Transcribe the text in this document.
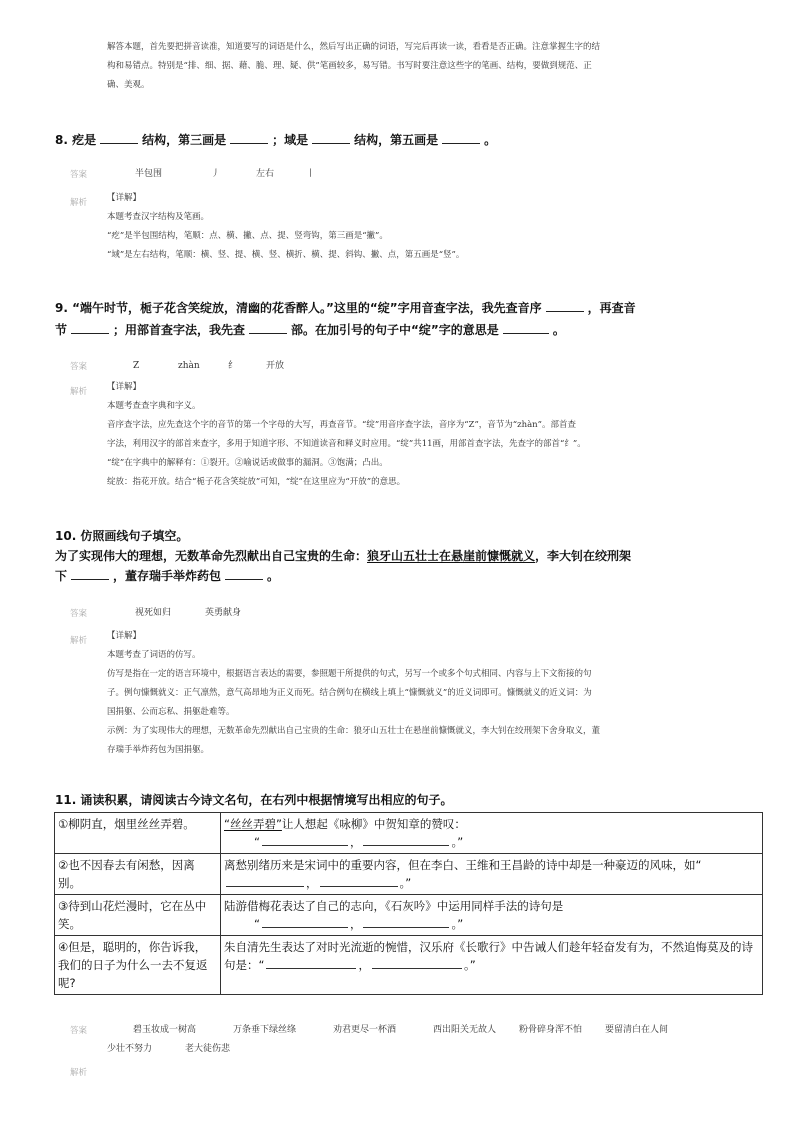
解答本题，首先要把拼音读准，知道要写的词语是什么，然后写出正确的词语，写完后再读一读，看看是否正确。注意掌握生字的结

构和易错点。特别是“排、细、据、藉、脆、理、疑、供”笔画较多，易写错。书写时要注意这些字的笔画、结构，要做到规范、正

确、美观。

8. 疙是	结构，第三画是	；域是	结构，第五画是	。
答案	半包围	丿	左右	丨
解析 【详解】

本题考查汉字结构及笔画。

“疙”是半包围结构，笔顺：点、横、撇、点、提、竖弯钩，第三画是“撇”。

“域”是左右结构，笔顺：横、竖、提、横、竖、横折、横、提、斜钩、撇、点，第五画是“竖”。

9. “端午时节，栀子花含笑绽放，清幽的花香醉人。”这里的“绽”字用音查字法，我先查音序	，再查音

节	；用部首查字法，我先查	部。在加引号的句子中“绽”字的意思是	。

答案	Z	zhàn	纟	开放
解析 【详解】

本题考查查字典和字义。

音序查字法，应先查这个字的音节的第一个字母的大写，再查音节。“绽”用音序查字法，音序为“Z”，音节为“zhàn”。部首查

字法，利用汉字的部首来查字，多用于知道字形、不知道读音和释义时应用。“绽”共11画，用部首查字法，先查字的部首“纟”。

“绽”在字典中的解释有：①裂开。②喻说话或做事的漏洞。③饱满；凸出。

绽放：指花开放。结合“栀子花含笑绽放”可知，“绽”在这里应为“开放”的意思。

10. 仿照画线句子填空。

为了实现伟大的理想，无数革命先烈献出自己宝贵的生命：狼牙山五壮士在悬崖前慷慨就义，李大钊在绞刑架

下	，董存瑞手举炸药包	。

答案	视死如归	英勇献身
解析 【详解】

本题考查了词语的仿写。

仿写是指在一定的语言环境中，根据语言表达的需要，参照题干所提供的句式，另写一个或多个句式相同、内容与上下文衔接的句

子。例句慷慨就义：正气凛然，意气高昂地为正义而死。结合例句在横线上填上“慷慨就义”的近义词即可。慷慨就义的近义词：为

国捐躯、公而忘私、捐躯赴难等。

示例：为了实现伟大的理想，无数革命先烈献出自己宝贵的生命：狼牙山五壮士在悬崖前慷慨就义，李大钊在绞刑架下舍身取义，董

存瑞手举炸药包为国捐躯。

11. 诵读积累，请阅读古今诗文名句，在右列中根据情境写出相应的句子。
①柳阴直，烟里丝丝弄碧。	“丝丝弄碧”让人想起《咏柳》中贺知章的赞叹：

“ ， 。”

②也不因春去有闲愁，因离别。	离愁别绪历来是宋词中的重要内容，但在李白、王维和王昌龄的诗中却是一种豪迈的风味，如“， 。”
③待到山花烂漫时，它在丛中笑。	陆游借梅花表达了自己的志向，《石灰吟》中运用同样手法的诗句是

“ ， 。”

④但是，聪明的，你告诉我，我们的日子为什么一去不复返呢?	朱自清先生表达了对时光流逝的惋惜，汉乐府《长歌行》中告诫人们趁年轻奋发有为，不然追悔莫及的诗句是：“ ， 。”
答案	碧玉妆成一树高	万条垂下绿丝绦	劝君更尽一杯酒	西出阳关无故人	粉骨碎身浑不怕	要留清白在人间
少壮不努力	老大徒伤悲
解析
